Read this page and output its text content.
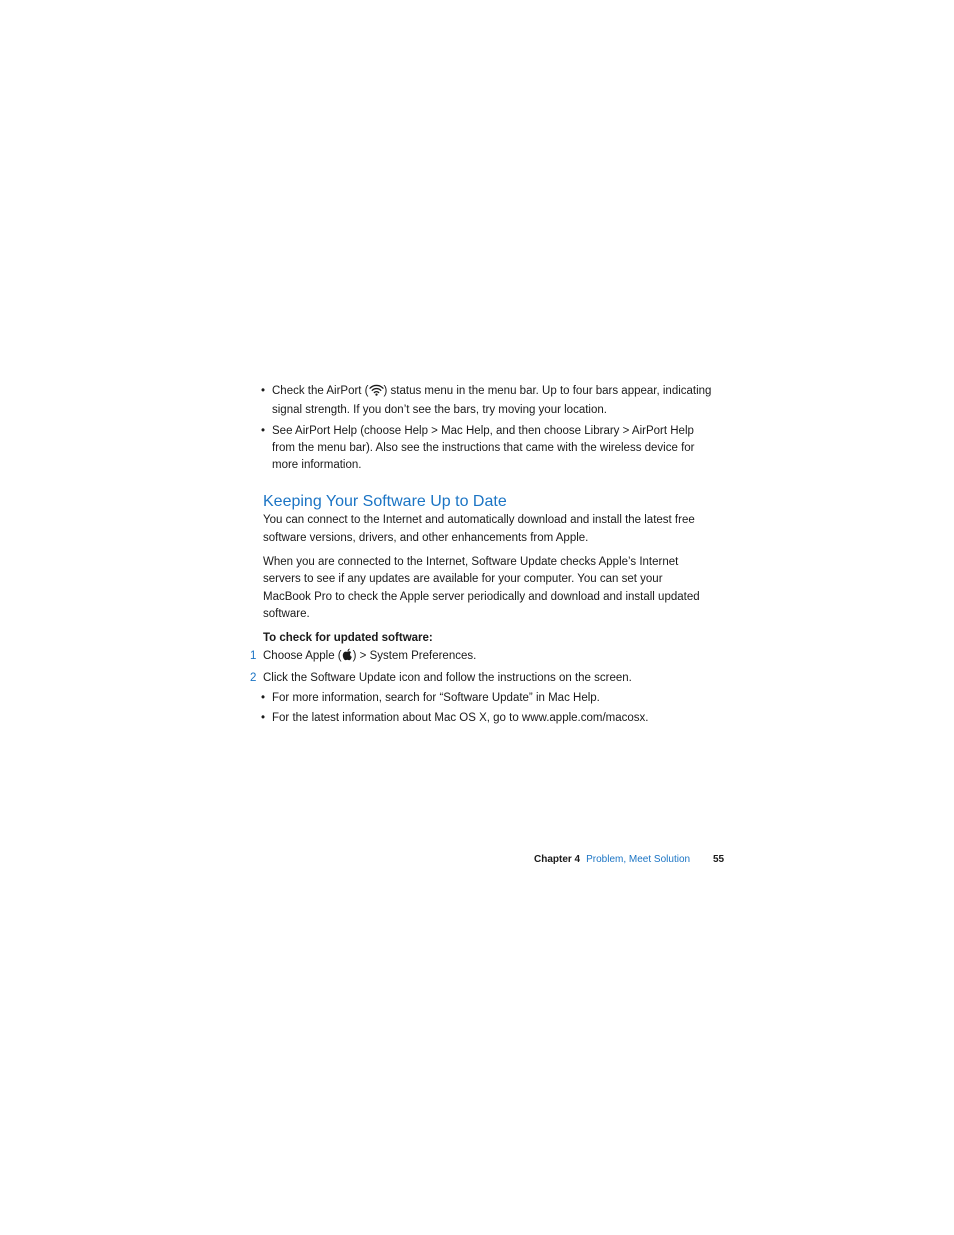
• Check the AirPort ( ) status menu in the menu bar. Up to four bars appear, indicating signal strength. If you don’t see the bars, try moving your location.

• See AirPort Help (choose Help > Mac Help, and then choose Library > AirPort Help from the menu bar). Also see the instructions that came with the wireless device for more information.

Keeping Your Software Up to Date

You can connect to the Internet and automatically download and install the latest free software versions, drivers, and other enhancements from Apple.

When you are connected to the Internet, Software Update checks Apple’s Internet servers to see if any updates are available for your computer. You can set your MacBook Pro to check the Apple server periodically and download and install updated software.

To check for updated software:

1 Choose Apple ( ) > System Preferences.

2 Click the Software Update icon and follow the instructions on the screen.

• For more information, search for “Software Update” in Mac Help.

• For the latest information about Mac OS X, go to www.apple.com/macosx.

Chapter 4 Problem, Meet Solution 55
